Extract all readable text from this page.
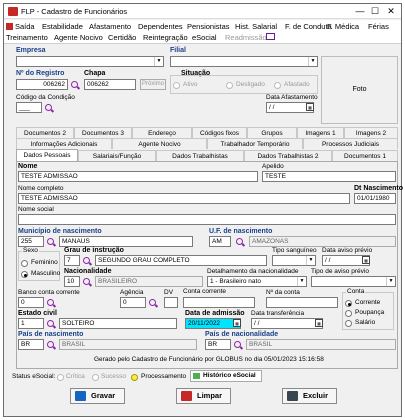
FLP - Cadastro de Funcionários	— ☐ ✕
Saída Estabilidade Afastamento Dependentes Pensionistas Hist. Salarial F. de Conduta
F. Médica Férias
Treinamento Agente Nocivo Certidão Reintegração eSocial Readmissão
Empresa
▼
Filial
▼
Nº do Registro
006262
Chapa
006262	Próximo
Situação
Ativo	Desligado	Afastado
Foto
Código da Condição
___
Data Afastamento
/ /	▦
Documentos 2	Documentos 3	Endereço	Códigos fixos	Grupos	Imagens 1	Imagens 2
Informações Adicionais	Agente Nocivo	Trabalhador Temporário	Processos Judiciais
Dados Pessoais	Salariais/Função	Dados Trabalhistas	Dados Trabalhistas 2	Documentos 1
Nome
TESTE ADMISSAO
Apelido
TESTE
Nome completo
TESTE ADMISSAO
Dt Nascimento
01/01/1980
Nome social
Município de nascimento
255	MANAUS
U.F. de nascimento
AM	AMAZONAS
Sexo
Feminino
Masculino
Grau de instrução
7	SEGUNDO GRAU COMPLETO
Tipo sanguíneo
▼
Data aviso prévio
/ /	▦
Nacionalidade
10	BRASILEIRO
Detalhamento da nacionalidade
1 - Brasileiro nato	▼
Tipo de aviso prévio
▼
Banco conta corrente
0
Agência
0
DV Conta corrente	Nº da conta	Conta
Corrente
Poupança
Salário
Estado civil
1	SOLTEIRO
Data de admissão
20/11/2022	▦
Data transferência
/ /	▦
País de nascimento
BR	BRASIL
País de nacionalidade
BR	BRASIL
Gerado pelo Cadastro de Funcionário por GLOBUS no dia 05/01/2023 15:16:58
Status eSocial: Crítica Sucesso Processamento	Histórico eSocial
Gravar	Limpar	Excluir
